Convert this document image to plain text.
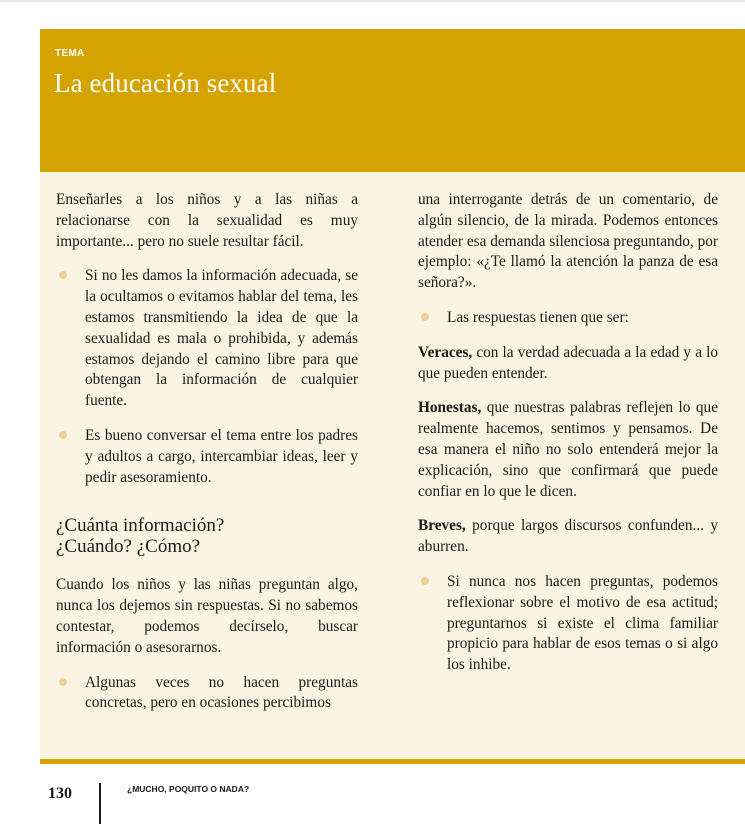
TEMA
La educación sexual

Enseñarles a los niños y a las niñas a relacionarse con la sexualidad es muy importante... pero no suele resultar fácil.

Si no les damos la información adecuada, se la ocultamos o evitamos hablar del tema, les estamos transmitiendo la idea de que la sexualidad es mala o prohibida, y además estamos dejando el camino libre para que obtengan la información de cualquier fuente.

Es bueno conversar el tema entre los padres y adultos a cargo, intercambiar ideas, leer y pedir asesoramiento.

¿Cuánta información?
¿Cuándo? ¿Cómo?

Cuando los niños y las niñas preguntan algo, nunca los dejemos sin respuestas. Si no sabemos contestar, podemos decírselo, buscar información o asesorarnos.

Algunas veces no hacen preguntas concretas, pero en ocasiones percibimos

una interrogante detrás de un comentario, de algún silencio, de la mirada. Podemos entonces atender esa demanda silenciosa preguntando, por ejemplo: «¿Te llamó la atención la panza de esa señora?».

Las respuestas tienen que ser:

Veraces, con la verdad adecuada a la edad y a lo que pueden entender.

Honestas, que nuestras palabras reflejen lo que realmente hacemos, sentimos y pensamos. De esa manera el niño no solo entenderá mejor la explicación, sino que confirmará que puede confiar en lo que le dicen.

Breves, porque largos discursos confunden... y aburren.

Si nunca nos hacen preguntas, podemos reflexionar sobre el motivo de esa actitud; preguntarnos si existe el clima familiar propicio para hablar de esos temas o si algo los inhibe.

130	¿MUCHO, POQUITO O NADA?
